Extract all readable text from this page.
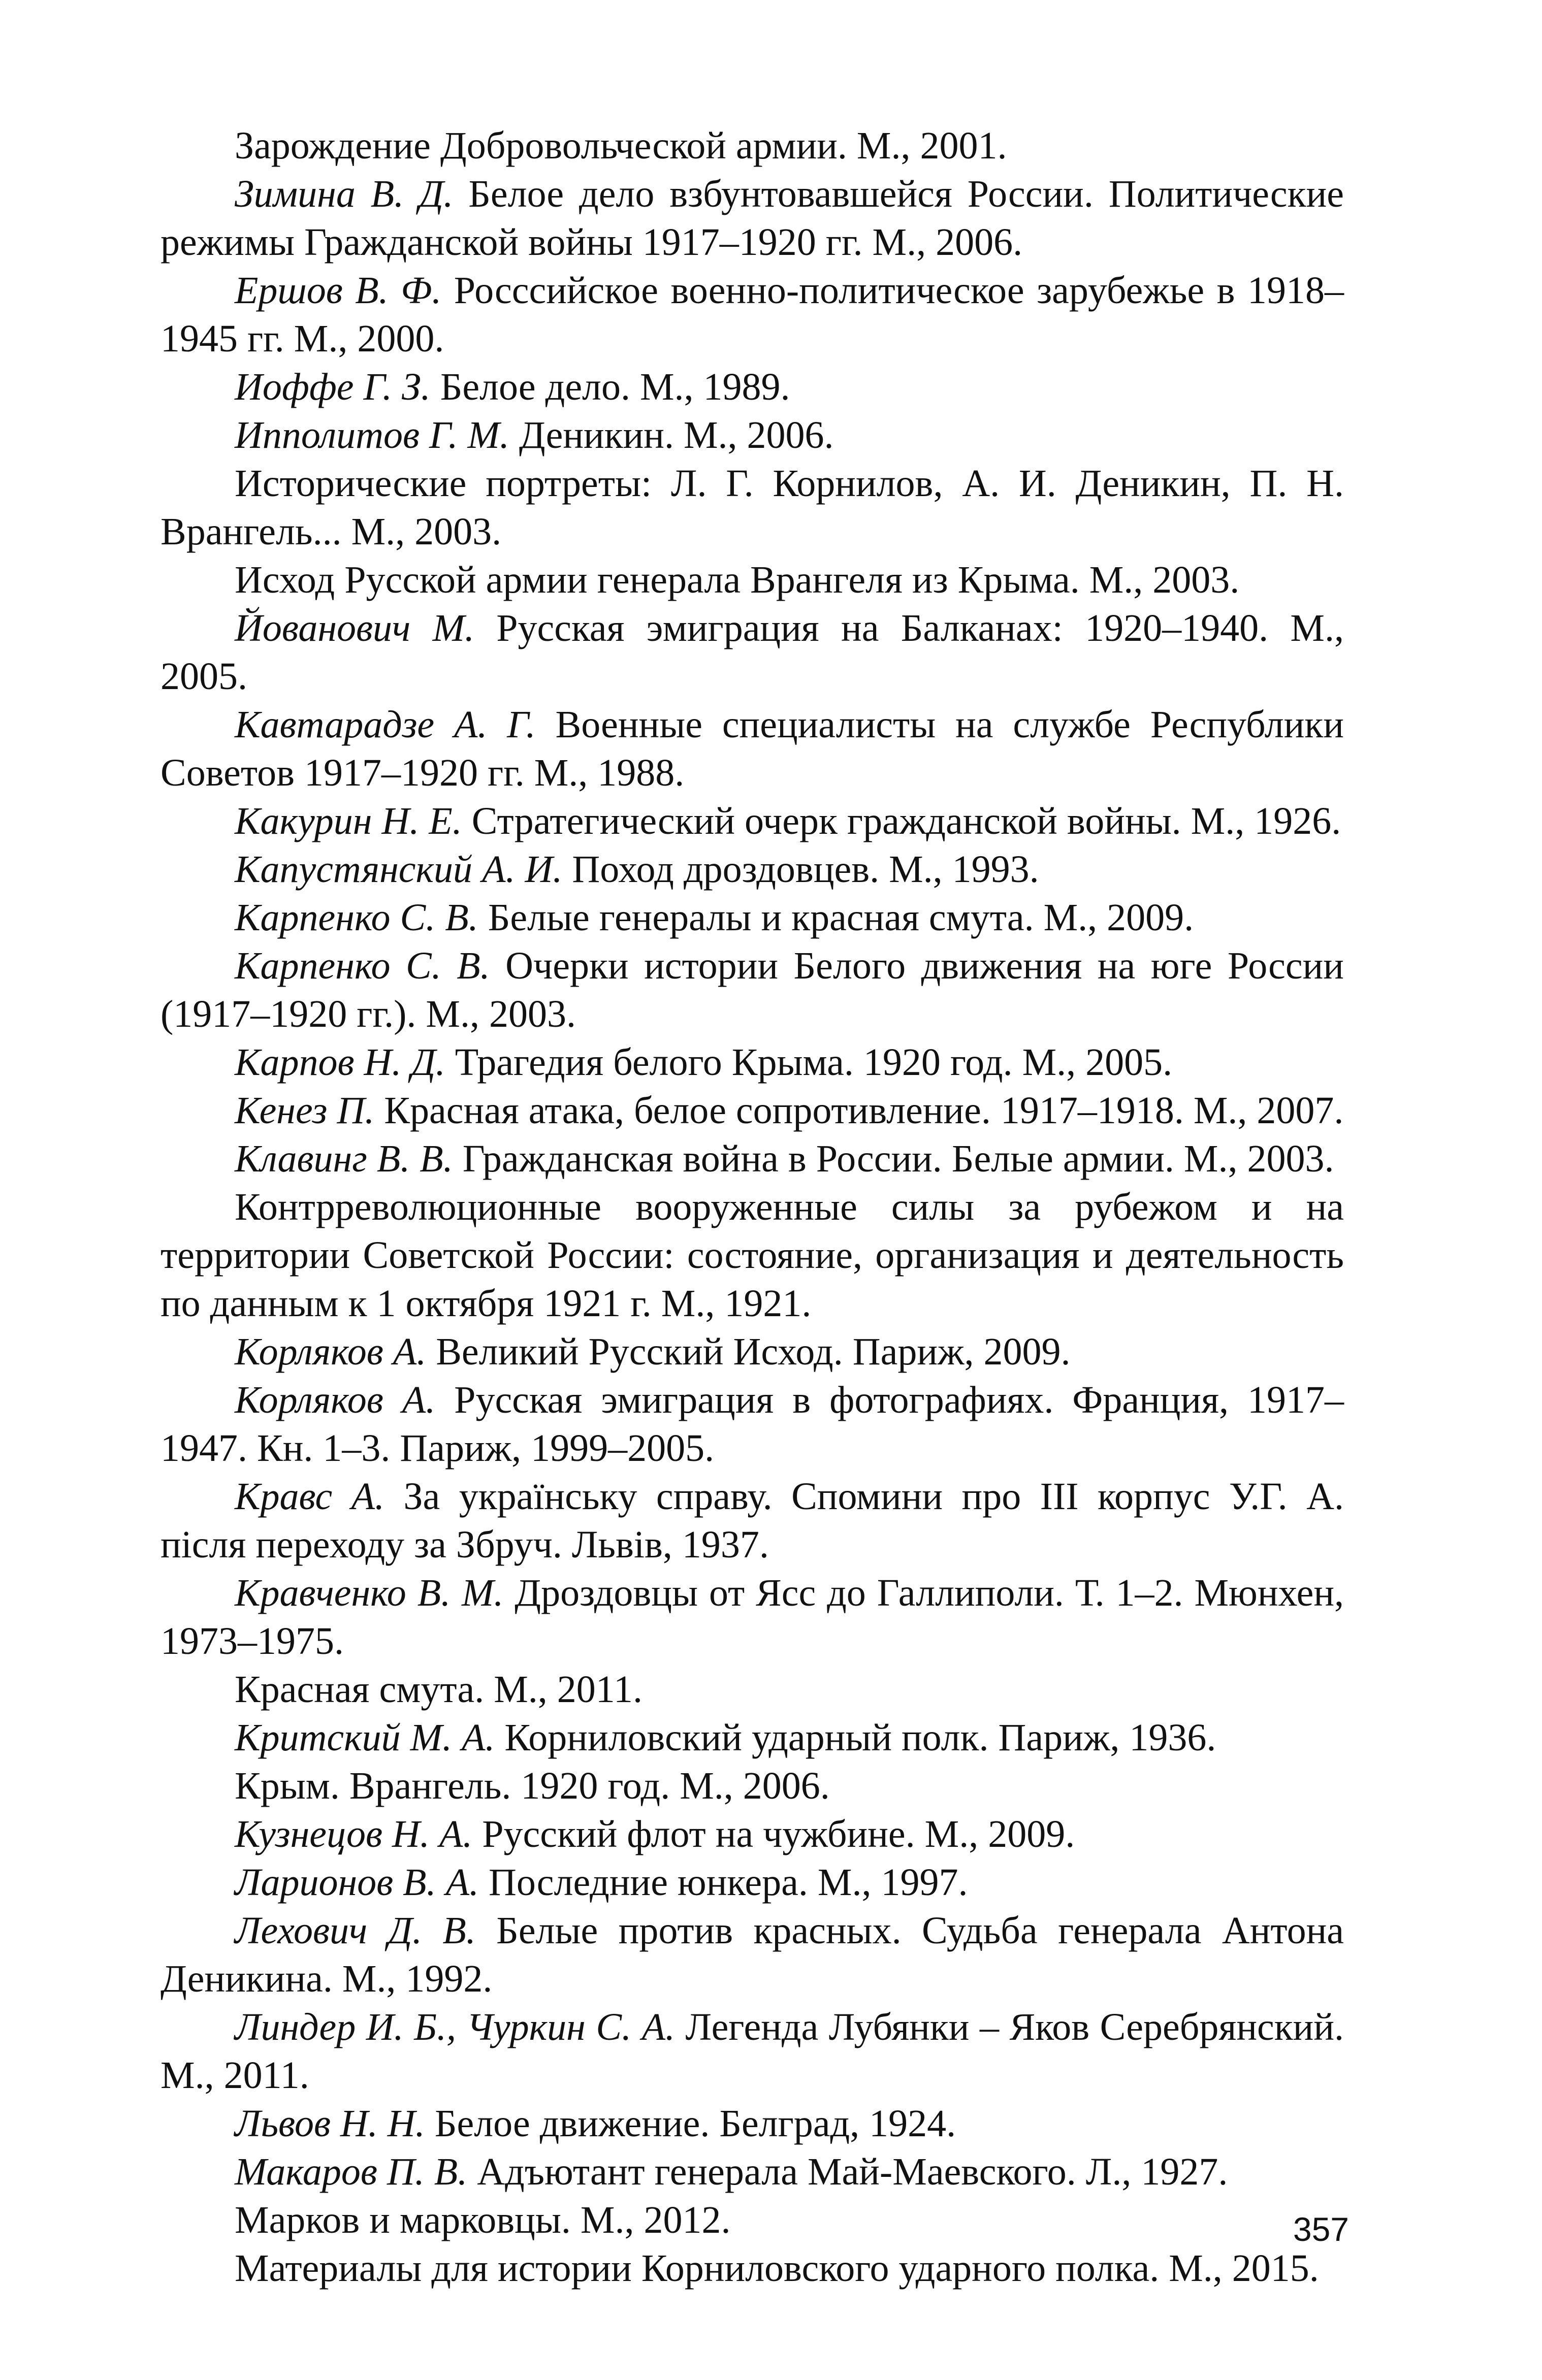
Зарождение Добровольческой армии. М., 2001.

Зимина В. Д. Белое дело взбунтовавшейся России. Политические режимы Гражданской войны 1917–1920 гг. М., 2006.

Ершов В. Ф. Росссийское военно-политическое зарубежье в 1918–1945 гг. М., 2000.

Иоффе Г. З. Белое дело. М., 1989.

Ипполитов Г. М. Деникин. М., 2006.

Исторические портреты: Л. Г. Корнилов, А. И. Деникин, П. Н. Врангель... М., 2003.

Исход Русской армии генерала Врангеля из Крыма. М., 2003.

Йованович М. Русская эмиграция на Балканах: 1920–1940. М., 2005.

Кавтарадзе А. Г. Военные специалисты на службе Республики Советов 1917–1920 гг. М., 1988.

Какурин Н. Е. Стратегический очерк гражданской войны. М., 1926.

Капустянский А. И. Поход дроздовцев. М., 1993.

Карпенко С. В. Белые генералы и красная смута. М., 2009.

Карпенко С. В. Очерки истории Белого движения на юге России (1917–1920 гг.). М., 2003.

Карпов Н. Д. Трагедия белого Крыма. 1920 год. М., 2005.

Кенез П. Красная атака, белое сопротивление. 1917–1918. М., 2007.

Клавинг В. В. Гражданская война в России. Белые армии. М., 2003.

Контрреволюционные вооруженные силы за рубежом и на территории Советской России: состояние, организация и деятельность по данным к 1 октября 1921 г. М., 1921.

Корляков А. Великий Русский Исход. Париж, 2009.

Корляков А. Русская эмиграция в фотографиях. Франция, 1917–1947. Кн. 1–3. Париж, 1999–2005.

Кравс А. За українську справу. Спомини про III корпус У.Г. А. після переходу за Збруч. Львів, 1937.

Кравченко В. М. Дроздовцы от Ясс до Галлиполи. Т. 1–2. Мюнхен, 1973–1975.

Красная смута. М., 2011.

Критский М. А. Корниловский ударный полк. Париж, 1936.

Крым. Врангель. 1920 год. М., 2006.

Кузнецов Н. А. Русский флот на чужбине. М., 2009.

Ларионов В. А. Последние юнкера. М., 1997.

Лехович Д. В. Белые против красных. Судьба генерала Антона Деникина. М., 1992.

Линдер И. Б., Чуркин С. А. Легенда Лубянки – Яков Серебрянский. М., 2011.

Львов Н. Н. Белое движение. Белград, 1924.

Макаров П. В. Адъютант генерала Май-Маевского. Л., 1927.

Марков и марковцы. М., 2012.

Материалы для истории Корниловского ударного полка. М., 2015.

357
